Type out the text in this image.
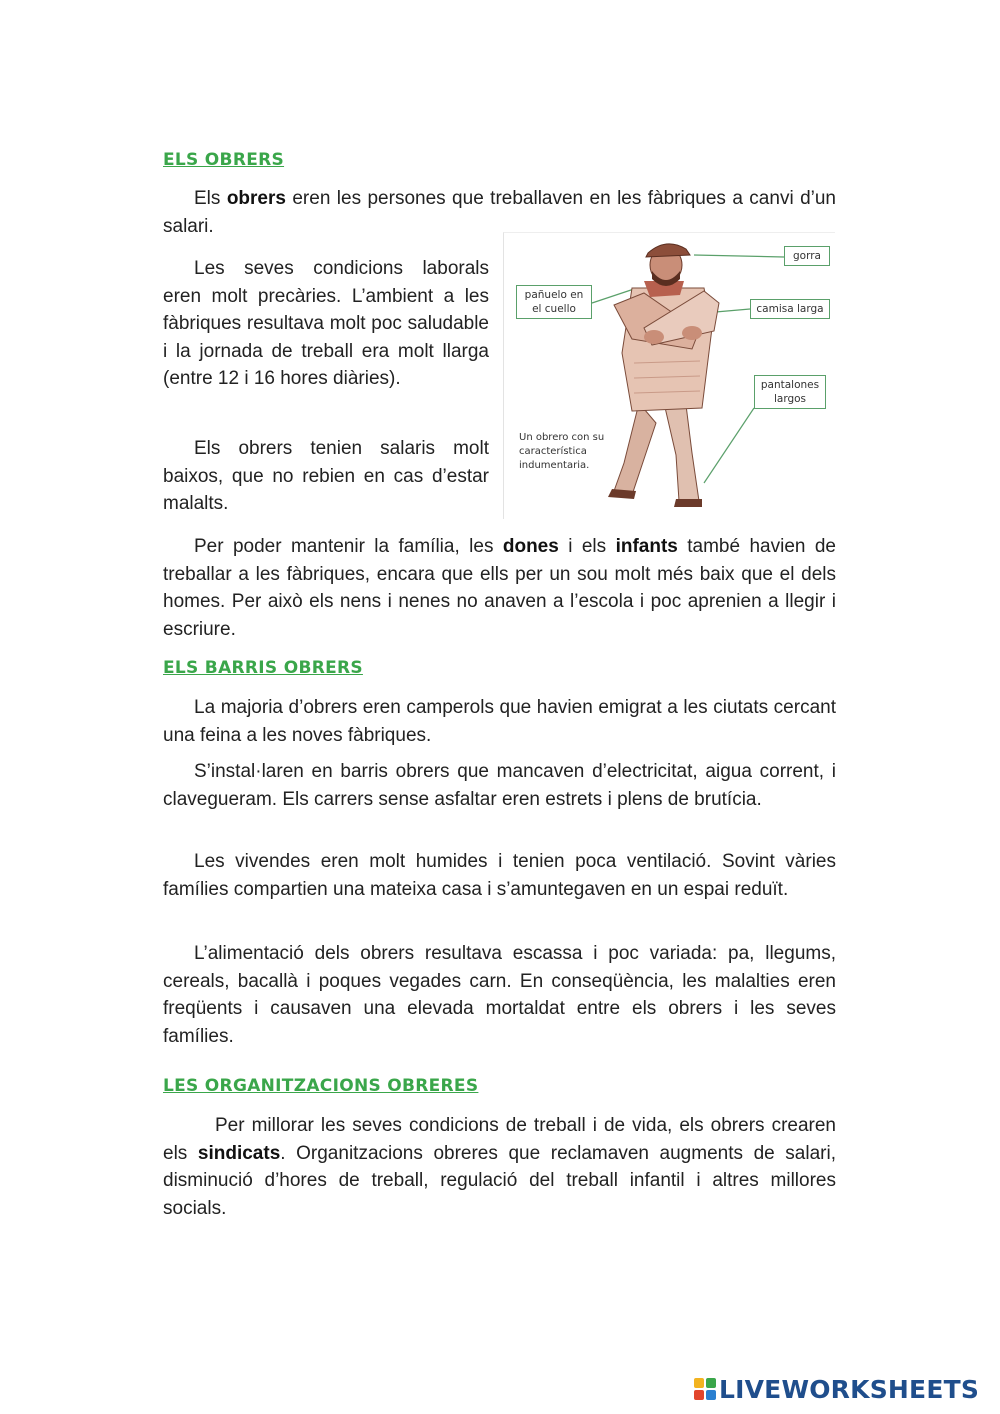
ELS OBRERS

Els obrers eren les persones que treballaven en les fàbriques a canvi d’un salari.

Les seves condicions laborals eren molt precàries. L’ambient a les fàbriques resultava molt poc saludable i la jornada de treball era molt llarga (entre 12 i 16 hores diàries).

Els obrers tenien salaris molt baixos, que no rebien en cas d’estar malalts.

gorra
pañuelo en el cuello	camisa larga
pantalones largos
Un obrero con su característica indumentaria.

Per poder mantenir la família, les dones i els infants també havien de treballar a les fàbriques, encara que ells per un sou molt més baix que el dels homes. Per això els nens i nenes no anaven a l’escola i poc aprenien a llegir i escriure.

ELS BARRIS OBRERS

La majoria d’obrers eren camperols que havien emigrat a les ciutats cercant una feina a les noves fàbriques.

S’instal·laren en barris obrers que mancaven d’electricitat, aigua corrent, i clavegueram. Els carrers sense asfaltar eren estrets i plens de brutícia.

Les vivendes eren molt humides i tenien poca ventilació. Sovint vàries famílies compartien una mateixa casa i s’amuntegaven en un espai reduït.

L’alimentació dels obrers resultava escassa i poc variada: pa, llegums, cereals, bacallà i poques vegades carn. En conseqüència, les malalties eren freqüents i causaven una elevada mortaldat entre els obrers i les seves famílies.

LES ORGANITZACIONS OBRERES

Per millorar les seves condicions de treball i de vida, els obrers crearen els sindicats. Organitzacions obreres que reclamaven augments de salari, disminució d’hores de treball, regulació del treball infantil i altres millores socials.

LIVEWORKSHEETS
